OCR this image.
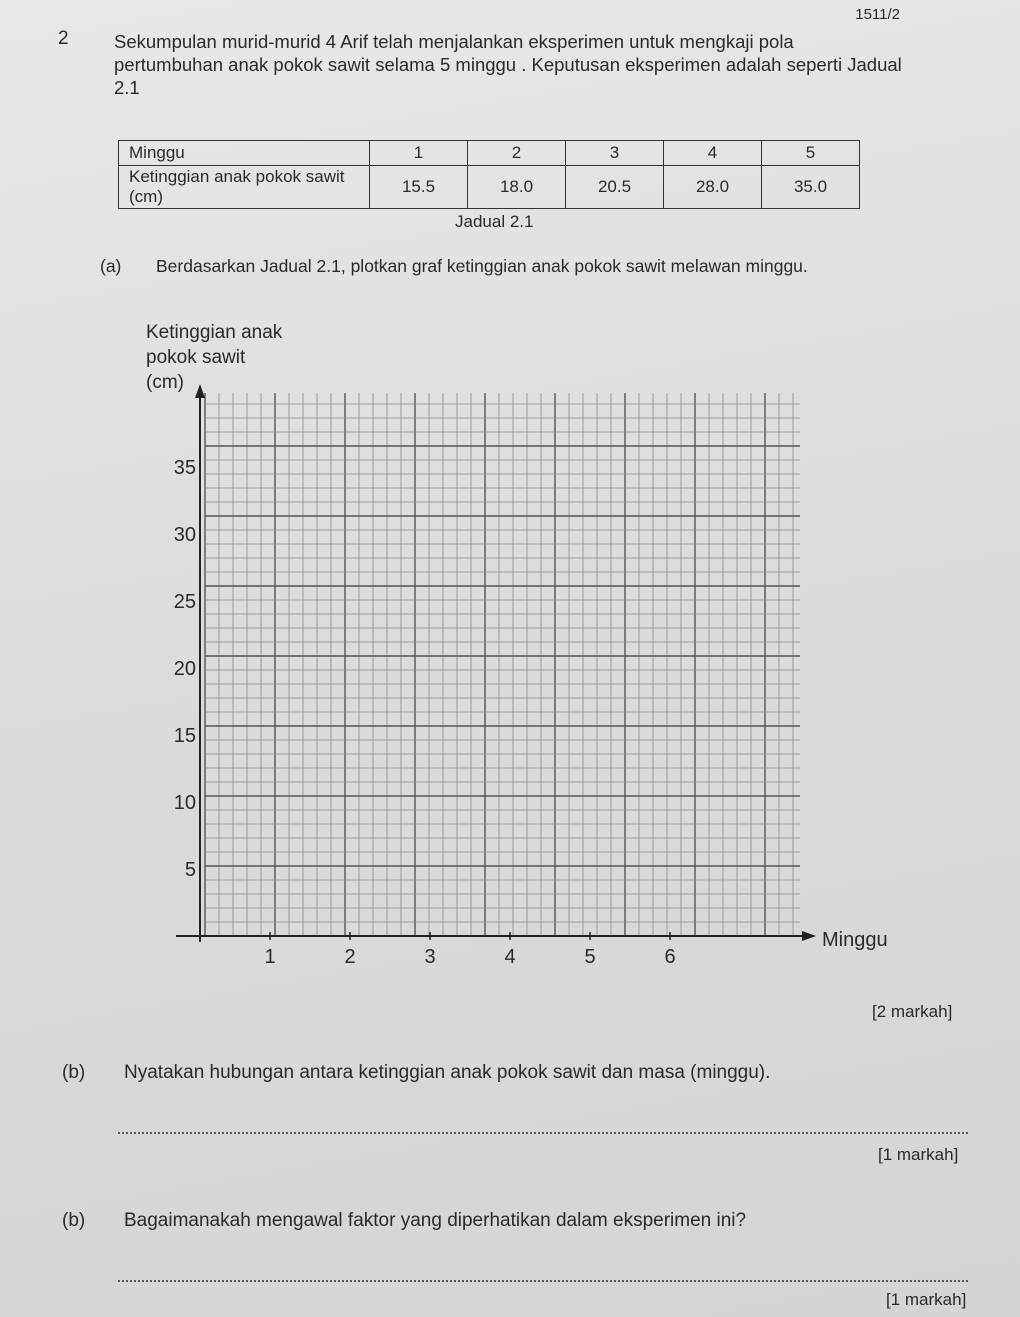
1511/2
2 Sekumpulan murid-murid 4 Arif telah menjalankan eksperimen untuk mengkaji pola pertumbuhan anak pokok sawit selama 5 minggu . Keputusan eksperimen adalah seperti Jadual 2.1
Minggu	1	2	3	4	5
Ketinggian anak pokok sawit (cm)	15.5	18.0	20.5	28.0	35.0
Jadual 2.1
(a) Berdasarkan Jadual 2.1, plotkan graf ketinggian anak pokok sawit melawan minggu.
Ketinggian anak
pokok sawit
(cm)
1	2	3	4	5	6
5
10
15
20
25
30
35
Minggu
[2 markah]
(b) Nyatakan hubungan antara ketinggian anak pokok sawit dan masa (minggu).
[1 markah]
(b) Bagaimanakah mengawal faktor yang diperhatikan dalam eksperimen ini?
[1 markah]
